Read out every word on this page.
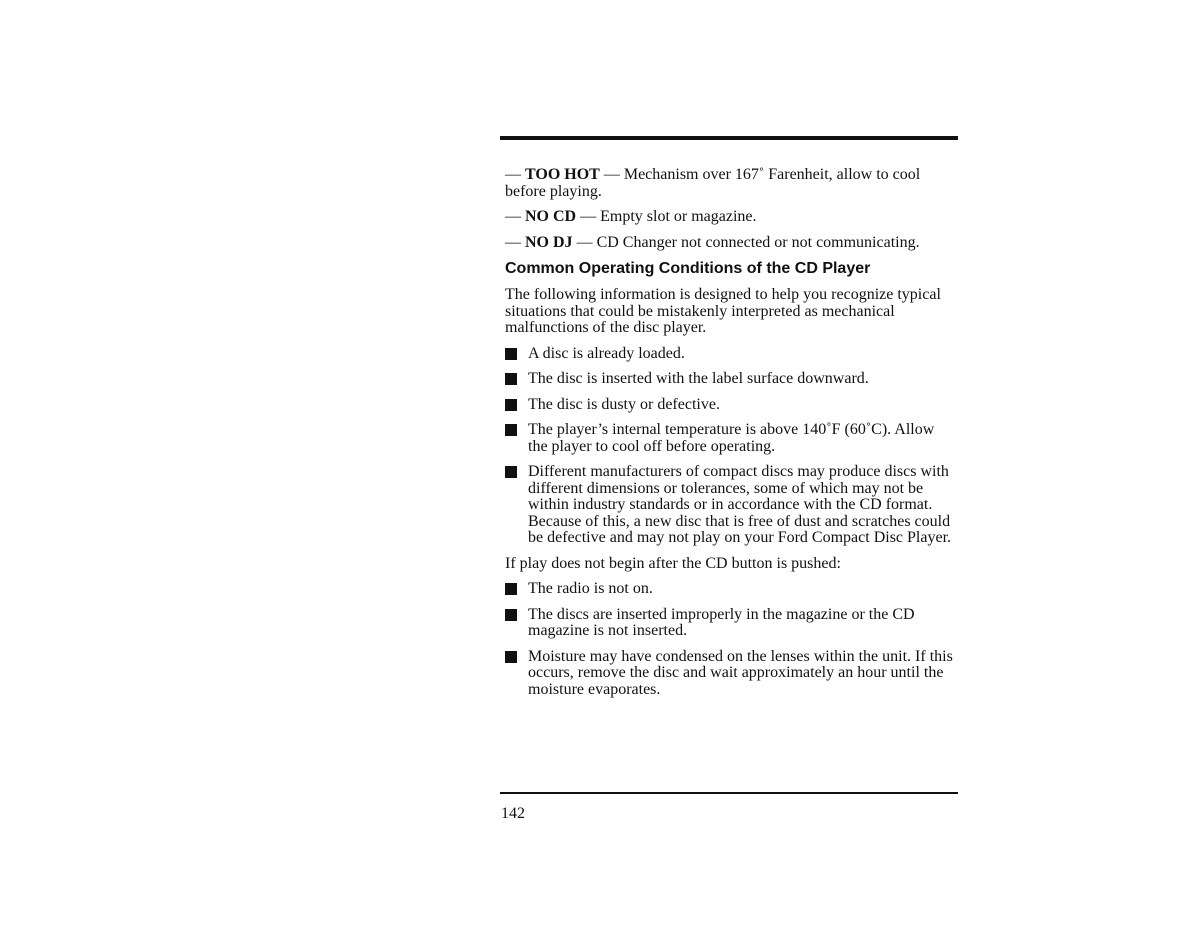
— TOO HOT — Mechanism over 167˚ Farenheit, allow to cool before playing.

— NO CD — Empty slot or magazine.

— NO DJ — CD Changer not connected or not communicating.

Common Operating Conditions of the CD Player

The following information is designed to help you recognize typical situations that could be mistakenly interpreted as mechanical malfunctions of the disc player.

A disc is already loaded.
The disc is inserted with the label surface downward.
The disc is dusty or defective.
The player’s internal temperature is above 140˚F (60˚C). Allow the player to cool off before operating.
Different manufacturers of compact discs may produce discs with different dimensions or tolerances, some of which may not be within industry standards or in accordance with the CD format. Because of this, a new disc that is free of dust and scratches could be defective and may not play on your Ford Compact Disc Player.

If play does not begin after the CD button is pushed:

The radio is not on.
The discs are inserted improperly in the magazine or the CD magazine is not inserted.
Moisture may have condensed on the lenses within the unit. If this occurs, remove the disc and wait approximately an hour until the moisture evaporates.
142
